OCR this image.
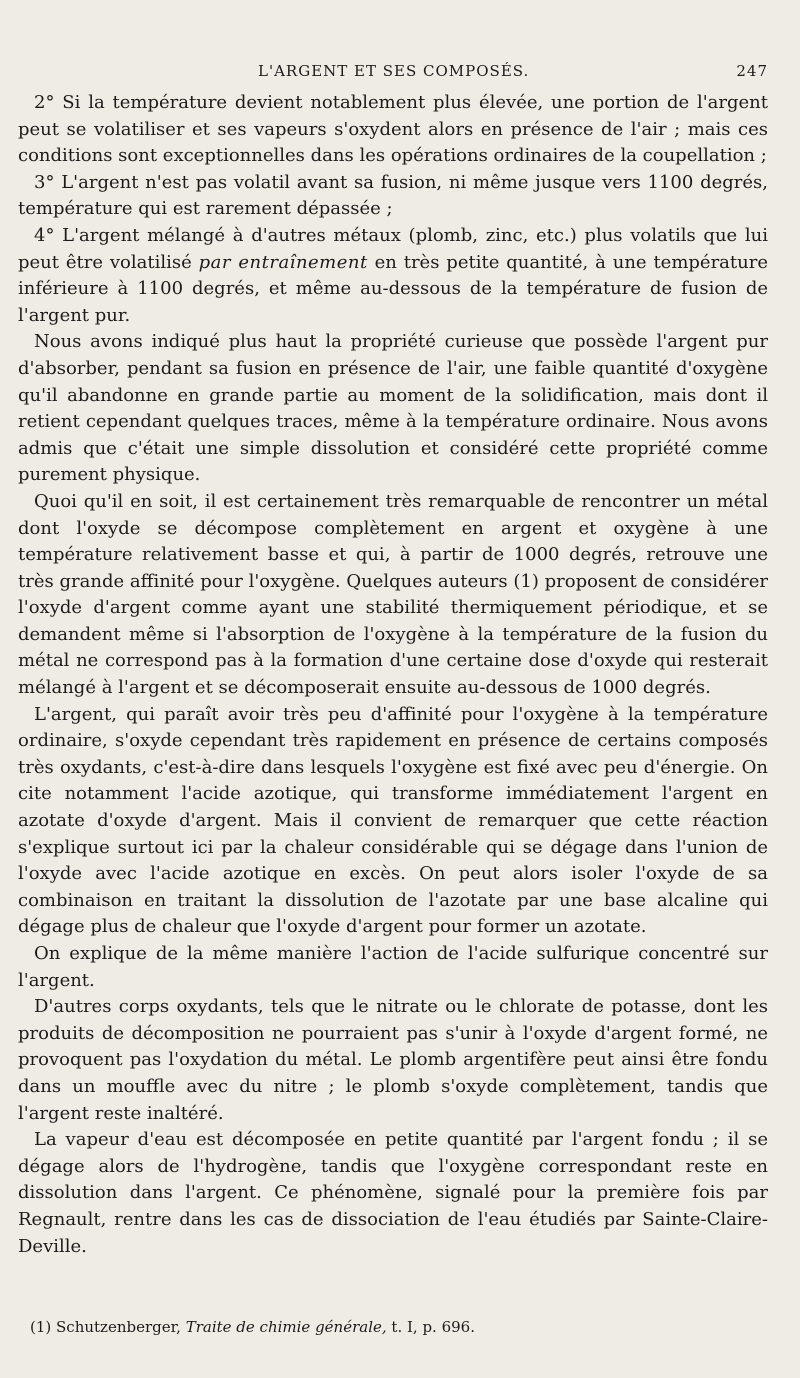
L'ARGENT ET SES COMPOSÉS.	247

2° Si la température devient notablement plus élevée, une portion de l'argent peut se volatiliser et ses vapeurs s'oxydent alors en présence de l'air ; mais ces conditions sont exceptionnelles dans les opérations ordinaires de la coupellation ;

3° L'argent n'est pas volatil avant sa fusion, ni même jusque vers 1100 degrés, température qui est rarement dépassée ;

4° L'argent mélangé à d'autres métaux (plomb, zinc, etc.) plus volatils que lui peut être volatilisé par entraînement en très petite quantité, à une température inférieure à 1100 degrés, et même au-dessous de la température de fusion de l'argent pur.

Nous avons indiqué plus haut la propriété curieuse que possède l'argent pur d'absorber, pendant sa fusion en présence de l'air, une faible quantité d'oxygène qu'il abandonne en grande partie au moment de la solidification, mais dont il retient cependant quelques traces, même à la température ordinaire. Nous avons admis que c'était une simple dissolution et considéré cette propriété comme purement physique.

Quoi qu'il en soit, il est certainement très remarquable de rencontrer un métal dont l'oxyde se décompose complètement en argent et oxygène à une température relativement basse et qui, à partir de 1000 degrés, retrouve une très grande affinité pour l'oxygène. Quelques auteurs (1) proposent de considérer l'oxyde d'argent comme ayant une stabilité thermiquement périodique, et se demandent même si l'absorption de l'oxygène à la température de la fusion du métal ne correspond pas à la formation d'une certaine dose d'oxyde qui resterait mélangé à l'argent et se décomposerait ensuite au-dessous de 1000 degrés.

L'argent, qui paraît avoir très peu d'affinité pour l'oxygène à la température ordinaire, s'oxyde cependant très rapidement en présence de certains composés très oxydants, c'est-à-dire dans lesquels l'oxygène est fixé avec peu d'énergie. On cite notamment l'acide azotique, qui transforme immédiatement l'argent en azotate d'oxyde d'argent. Mais il convient de remarquer que cette réaction s'explique surtout ici par la chaleur considérable qui se dégage dans l'union de l'oxyde avec l'acide azotique en excès. On peut alors isoler l'oxyde de sa combinaison en traitant la dissolution de l'azotate par une base alcaline qui dégage plus de chaleur que l'oxyde d'argent pour former un azotate.

On explique de la même manière l'action de l'acide sulfurique concentré sur l'argent.

D'autres corps oxydants, tels que le nitrate ou le chlorate de potasse, dont les produits de décomposition ne pourraient pas s'unir à l'oxyde d'argent formé, ne provoquent pas l'oxydation du métal. Le plomb argentifère peut ainsi être fondu dans un mouffle avec du nitre ; le plomb s'oxyde complètement, tandis que l'argent reste inaltéré.

La vapeur d'eau est décomposée en petite quantité par l'argent fondu ; il se dégage alors de l'hydrogène, tandis que l'oxygène correspondant reste en dissolution dans l'argent. Ce phénomène, signalé pour la première fois par Regnault, rentre dans les cas de dissociation de l'eau étudiés par Sainte-Claire-Deville.

(1) Schutzenberger, Traite de chimie générale, t. I, p. 696.
